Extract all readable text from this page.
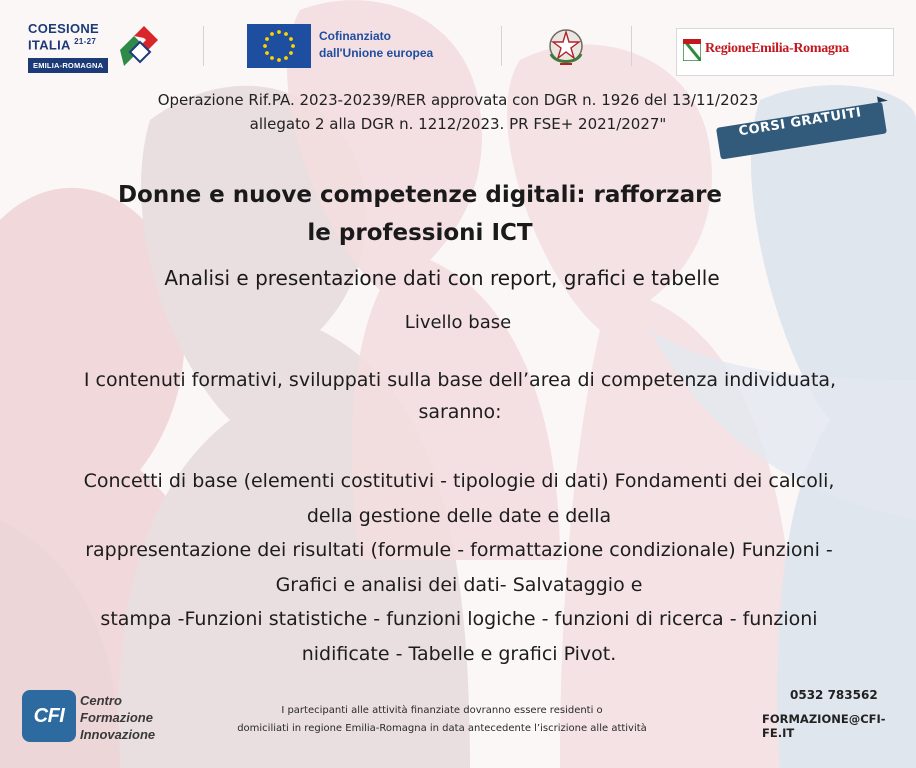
COESIONE
ITALIA $^{21-27}$
EMILIA-ROMAGNA
Cofinanziato
dall'Unione europea	RegioneEmilia-Romagna
Operazione Rif.PA. 2023-20239/RER approvata con DGR n. 1926 del 13/11/2023
allegato 2 alla DGR n. 1212/2023. PR FSE+ 2021/2027"	CORSI GRATUITI
Donne e nuove competenze digitali: rafforzare
le professioni ICT
Analisi e presentazione dati con report, grafici e tabelle
Livello base
I contenuti formativi, sviluppati sulla base dell’area di competenza individuata,
saranno:
Concetti di base (elementi costitutivi - tipologie di dati) Fondamenti dei calcoli,
della gestione delle date e della
rappresentazione dei risultati (formule - formattazione condizionale) Funzioni -
Grafici e analisi dei dati- Salvataggio e
stampa -Funzioni statistiche - funzioni logiche - funzioni di ricerca - funzioni
nidificate - Tabelle e grafici Pivot.
CFI
Centro
Formazione
Innovazione
I partecipanti alle attività finanziate dovranno essere residenti o
domiciliati in regione Emilia-Romagna in data antecedente l’iscrizione alle attività
0532 783562
FORMAZIONE@CFI-FE.IT
